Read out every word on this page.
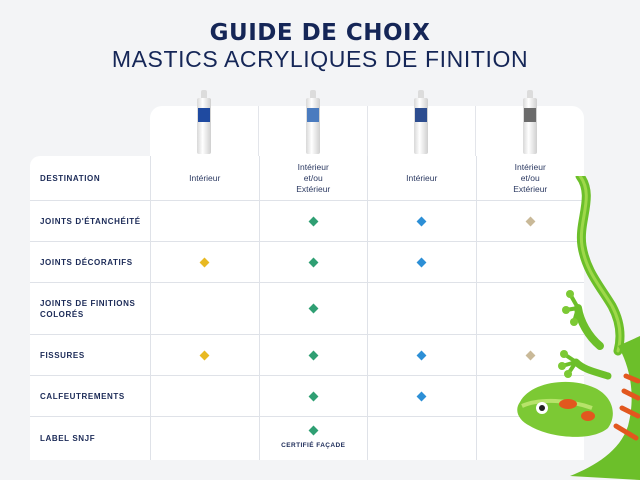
GUIDE DE CHOIX
MASTICS ACRYLIQUES DE FINITION
DESTINATION	Intérieur
Intérieur
et/ou
Extérieur
Intérieur
Intérieur
et/ou
Extérieur
JOINTS D'ÉTANCHÉITÉ
JOINTS DÉCORATIFS
JOINTS DE FINITIONS COLORÉS
FISSURES
CALFEUTREMENTS
LABEL SNJF
CERTIFIÉ FAÇADE
